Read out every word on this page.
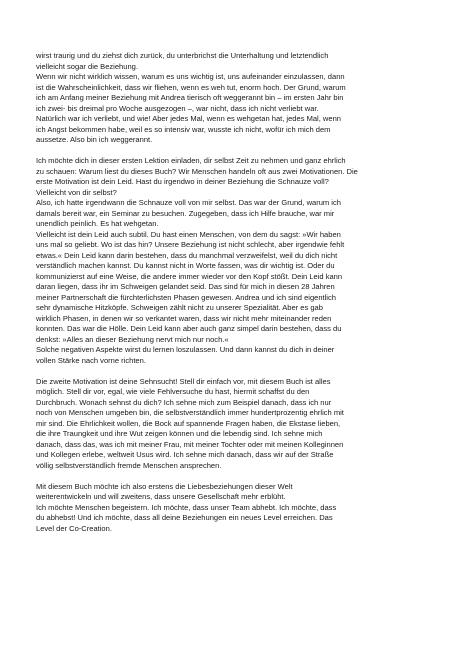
wirst traurig und du ziehst dich zurück, du unterbrichst die Unterhaltung und letztendlich
vielleicht sogar die Beziehung.
Wenn wir nicht wirklich wissen, warum es uns wichtig ist, uns aufeinander einzulassen, dann
ist die Wahrscheinlichkeit, dass wir fliehen, wenn es weh tut, enorm hoch. Der Grund, warum
ich am Anfang meiner Beziehung mit Andrea tierisch oft weggerannt bin – im ersten Jahr bin
ich zwei- bis dreimal pro Woche ausgezogen –, war nicht, dass ich nicht verliebt war.
Natürlich war ich verliebt, und wie! Aber jedes Mal, wenn es wehgetan hat, jedes Mal, wenn
ich Angst bekommen habe, weil es so intensiv war, wusste ich nicht, wofür ich mich dem
aussetze. Also bin ich weggerannt.
Ich möchte dich in dieser ersten Lektion einladen, dir selbst Zeit zu nehmen und ganz ehrlich
zu schauen: Warum liest du dieses Buch? Wir Menschen handeln oft aus zwei Motivationen. Die
erste Motivation ist dein Leid. Hast du irgendwo in deiner Beziehung die Schnauze voll?
Vielleicht von dir selbst?
Also, ich hatte irgendwann die Schnauze voll von mir selbst. Das war der Grund, warum ich
damals bereit war, ein Seminar zu besuchen. Zugegeben, dass ich Hilfe brauche, war mir
unendlich peinlich. Es hat wehgetan.
Vielleicht ist dein Leid auch subtil. Du hast einen Menschen, von dem du sagst: »Wir haben
uns mal so geliebt. Wo ist das hin? Unsere Beziehung ist nicht schlecht, aber irgendwie fehlt
etwas.« Dein Leid kann darin bestehen, dass du manchmal verzweifelst, weil du dich nicht
verständlich machen kannst. Du kannst nicht in Worte fassen, was dir wichtig ist. Oder du
kommunizierst auf eine Weise, die andere immer wieder vor den Kopf stößt. Dein Leid kann
daran liegen, dass ihr im Schweigen gelandet seid. Das sind für mich in diesen 28 Jahren
meiner Partnerschaft die fürchterlichsten Phasen gewesen. Andrea und ich sind eigentlich
sehr dynamische Hitzköpfe. Schweigen zählt nicht zu unserer Spezialität. Aber es gab
wirklich Phasen, in denen wir so verkantet waren, dass wir nicht mehr miteinander reden
konnten. Das war die Hölle. Dein Leid kann aber auch ganz simpel darin bestehen, dass du
denkst: »Alles an dieser Beziehung nervt mich nur noch.«
Solche negativen Aspekte wirst du lernen loszulassen. Und dann kannst du dich in deiner
vollen Stärke nach vorne richten.
Die zweite Motivation ist deine Sehnsucht! Stell dir einfach vor, mit diesem Buch ist alles
möglich. Stell dir vor, egal, wie viele Fehlversuche du hast, hiermit schaffst du den
Durchbruch. Wonach sehnst du dich? Ich sehne mich zum Beispiel danach, dass ich nur
noch von Menschen umgeben bin, die selbstverständlich immer hundertprozentig ehrlich mit
mir sind. Die Ehrlichkeit wollen, die Bock auf spannende Fragen haben, die Ekstase lieben,
die ihre Traungkeit und ihre Wut zeigen können und die lebendig sind. Ich sehne mich
danach, dass das, was ich mit meiner Frau, mit meiner Tochter oder mit meinen Kolleginnen
und Kollegen erlebe, weltweit Usus wird. Ich sehne mich danach, dass wir auf der Straße
völlig selbstverständlich fremde Menschen ansprechen.
Mit diesem Buch möchte ich also erstens die Liebesbeziehungen dieser Welt
weiterentwickeln und will zweitens, dass unsere Gesellschaft mehr erblüht.
Ich möchte Menschen begeistern. Ich möchte, dass unser Team abhebt. Ich möchte, dass
du abhebst! Und ich möchte, dass all deine Beziehungen ein neues Level erreichen. Das
Level der Co-Creation.
